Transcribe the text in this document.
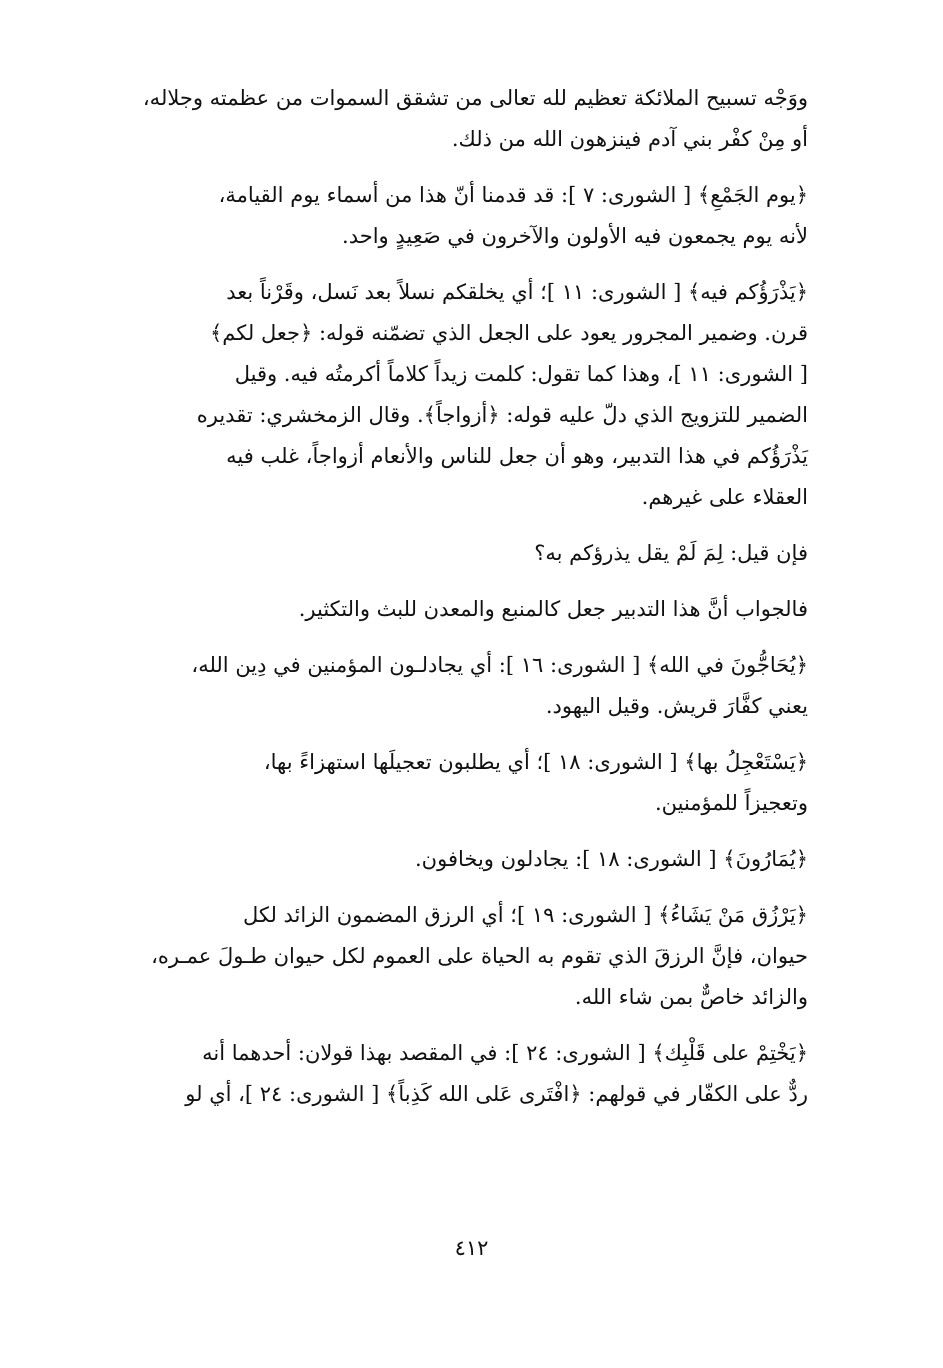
ووَجْه تسبيح الملائكة تعظيم لله تعالى من تشقق السموات من عظمته وجلاله،
أو مِنْ كفْر بني آدم فينزهون الله من ذلك.

﴿يوم الجَمْعِ﴾ [ الشورى: ٧ ]: قد قدمنا أنّ هذا من أسماء يوم القيامة،
لأنه يوم يجمعون فيه الأولون والآخرون في صَعِيدٍ واحد.

﴿يَذْرَؤُكم فيه﴾ [ الشورى: ١١ ]؛ أي يخلقكم نسلاً بعد نَسل، وقَرْناً بعد
قرن. وضمير المجرور يعود على الجعل الذي تضمّنه قوله: ﴿جعل لكم﴾
[ الشورى: ١١ ]، وهذا كما تقول: كلمت زيداً كلاماً أكرمتُه فيه. وقيل
الضمير للتزويج الذي دلّ عليه قوله: ﴿أزواجاً﴾. وقال الزمخشري: تقديره
يَذْرَؤُكم في هذا التدبير، وهو أن جعل للناس والأنعام أزواجاً، غلب فيه
العقلاء على غيرهم.

فإن قيل: لِمَ لَمْ يقل يذرؤكم به؟

فالجواب أنَّ هذا التدبير جعل كالمنبع والمعدن للبث والتكثير.

﴿يُحَاجُّونَ في الله﴾ [ الشورى: ١٦ ]: أي يجادلـون المؤمنين في دِين الله،
يعني كفَّارَ قريش. وقيل اليهود.

﴿يَسْتَعْجِلُ بها﴾ [ الشورى: ١٨ ]؛ أي يطلبون تعجيلَها استهزاءً بها،
وتعجيزاً للمؤمنين.

﴿يُمَارُونَ﴾ [ الشورى: ١٨ ]: يجادلون ويخافون.

﴿يَرْزُق مَنْ يَشَاءُ﴾ [ الشورى: ١٩ ]؛ أي الرزق المضمون الزائد لكل
حيوان، فإنَّ الرزقَ الذي تقوم به الحياة على العموم لكل حيوان طـولَ عمـره،
والزائد خاصٌّ بمن شاء الله.

﴿يَخْتِمْ على قَلْبِك﴾ [ الشورى: ٢٤ ]: في المقصد بهذا قولان: أحدهما أنه
ردٌّ على الكفّار في قولهم: ﴿افْتَرى عَلى الله كَذِباً﴾ [ الشورى: ٢٤ ]، أي لو

٤١٢
